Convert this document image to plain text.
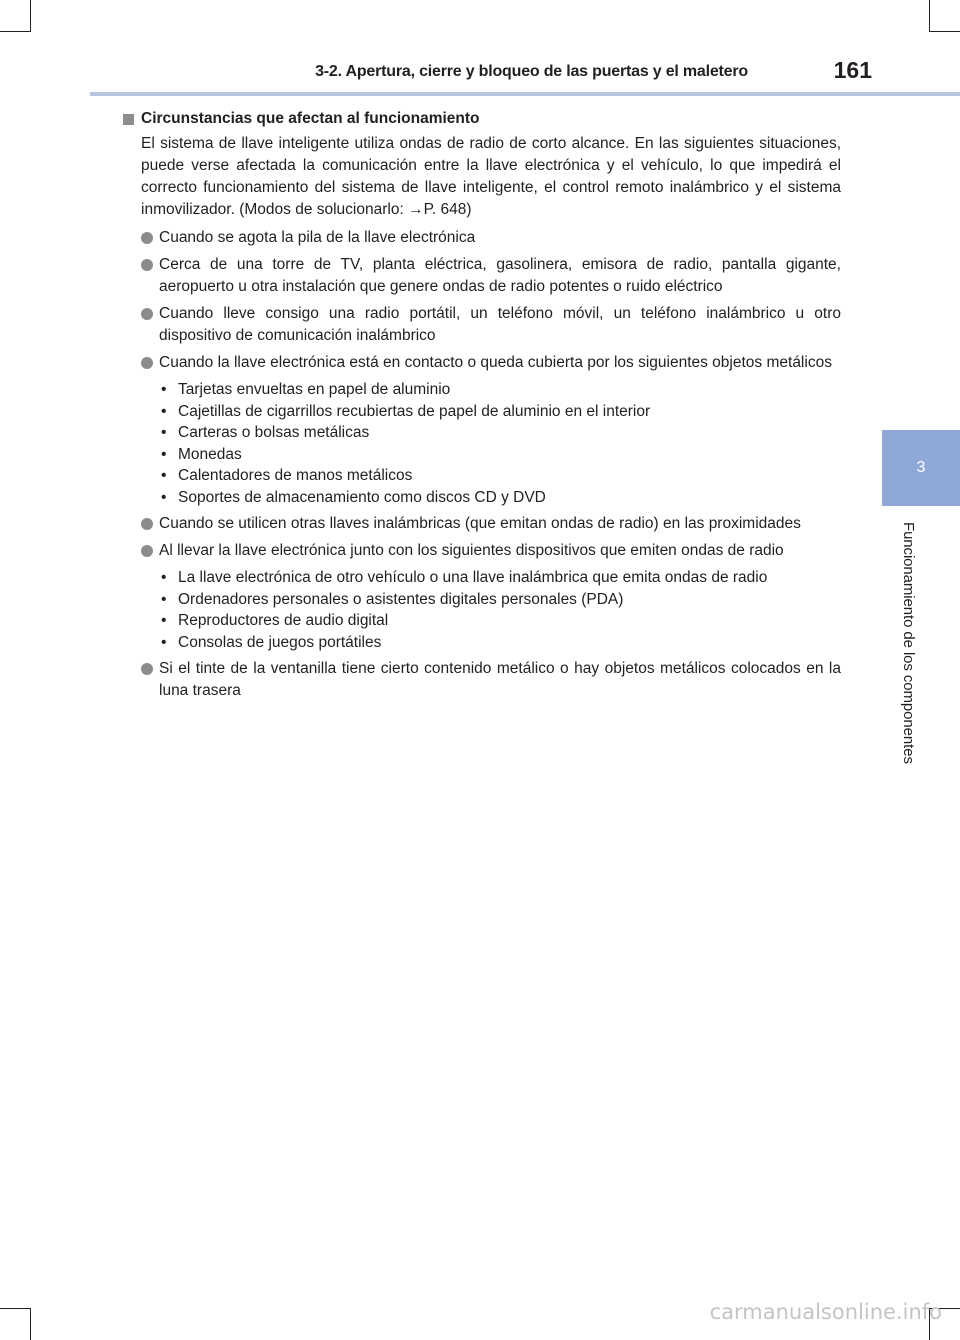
3-2. Apertura, cierre y bloqueo de las puertas y el maletero	161
3
Funcionamiento de los componentes
Circunstancias que afectan al funcionamiento
El sistema de llave inteligente utiliza ondas de radio de corto alcance. En las siguientes situaciones, puede verse afectada la comunicación entre la llave electrónica y el vehículo, lo que impedirá el correcto funcionamiento del sistema de llave inteligente, el control remoto inalámbrico y el sistema inmovilizador. (Modos de solucionarlo: →P. 648)
Cuando se agota la pila de la llave electrónica
Cerca de una torre de TV, planta eléctrica, gasolinera, emisora de radio, pantalla gigante, aeropuerto u otra instalación que genere ondas de radio potentes o ruido eléctrico
Cuando lleve consigo una radio portátil, un teléfono móvil, un teléfono inalámbrico u otro dispositivo de comunicación inalámbrico
Cuando la llave electrónica está en contacto o queda cubierta por los siguientes objetos metálicos
• Tarjetas envueltas en papel de aluminio
• Cajetillas de cigarrillos recubiertas de papel de aluminio en el interior
• Carteras o bolsas metálicas
• Monedas
• Calentadores de manos metálicos
• Soportes de almacenamiento como discos CD y DVD
Cuando se utilicen otras llaves inalámbricas (que emitan ondas de radio) en las proximidades
Al llevar la llave electrónica junto con los siguientes dispositivos que emiten ondas de radio
• La llave electrónica de otro vehículo o una llave inalámbrica que emita ondas de radio
• Ordenadores personales o asistentes digitales personales (PDA)
• Reproductores de audio digital
• Consolas de juegos portátiles
Si el tinte de la ventanilla tiene cierto contenido metálico o hay objetos metálicos colocados en la luna trasera
carmanualsonline.info
